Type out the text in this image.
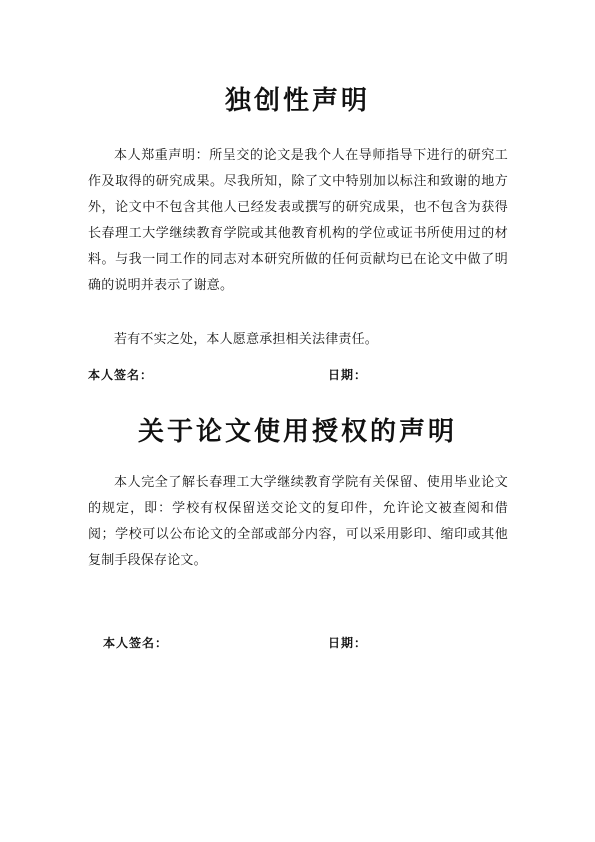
独创性声明

本人郑重声明：所呈交的论文是我个人在导师指导下进行的研究工作及取得的研究成果。尽我所知，除了文中特别加以标注和致谢的地方外，论文中不包含其他人已经发表或撰写的研究成果，也不包含为获得长春理工大学继续教育学院或其他教育机构的学位或证书所使用过的材料。与我一同工作的同志对本研究所做的任何贡献均已在论文中做了明确的说明并表示了谢意。

若有不实之处，本人愿意承担相关法律责任。

本人签名：	日期：

关于论文使用授权的声明

本人完全了解长春理工大学继续教育学院有关保留、使用毕业论文的规定，即：学校有权保留送交论文的复印件，允许论文被查阅和借阅；学校可以公布论文的全部或部分内容，可以采用影印、缩印或其他复制手段保存论文。

本人签名：	日期：
